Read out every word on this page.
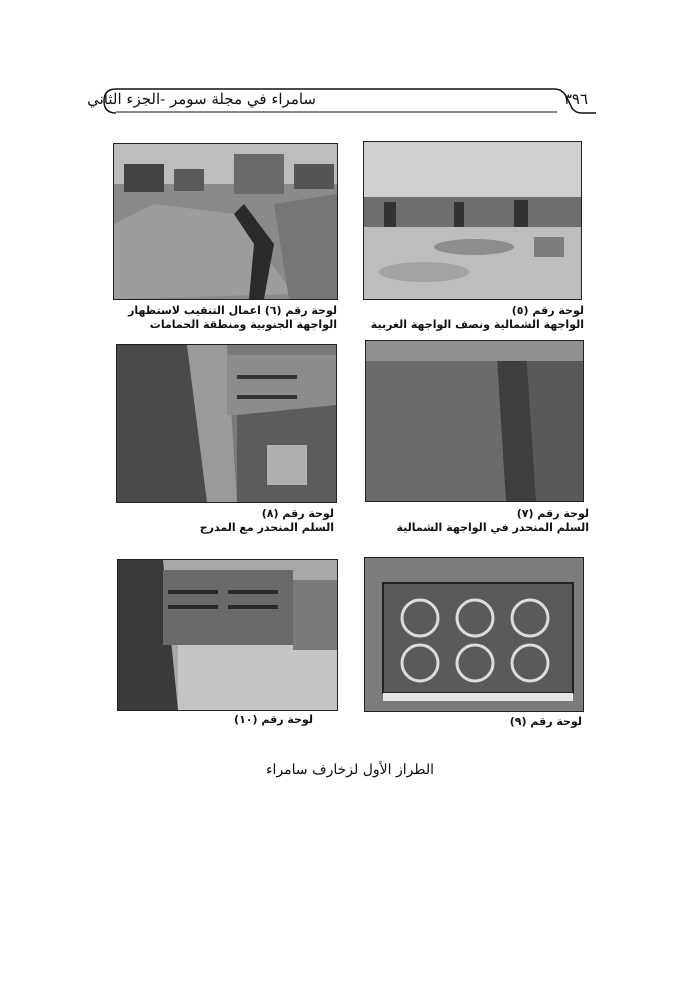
سامراء في مجلة سومر -الجزء الثاني	٣٩٦
لوحة رقم (٦) اعمال التنقيب لاستظهار
الواجهة الجنوبية ومنطقة الحمامات
لوحة رقم (٥)
الواجهة الشمالية ونصف الواجهة الغربية
لوحة رقم (٨)
السلم المنحدر مع المدرج
لوحة رقم (٧)
السلم المنحدر في الواجهة الشمالية
لوحة رقم (١٠)	لوحة رقم (٩)
الطراز الأول لزخارف سامراء
